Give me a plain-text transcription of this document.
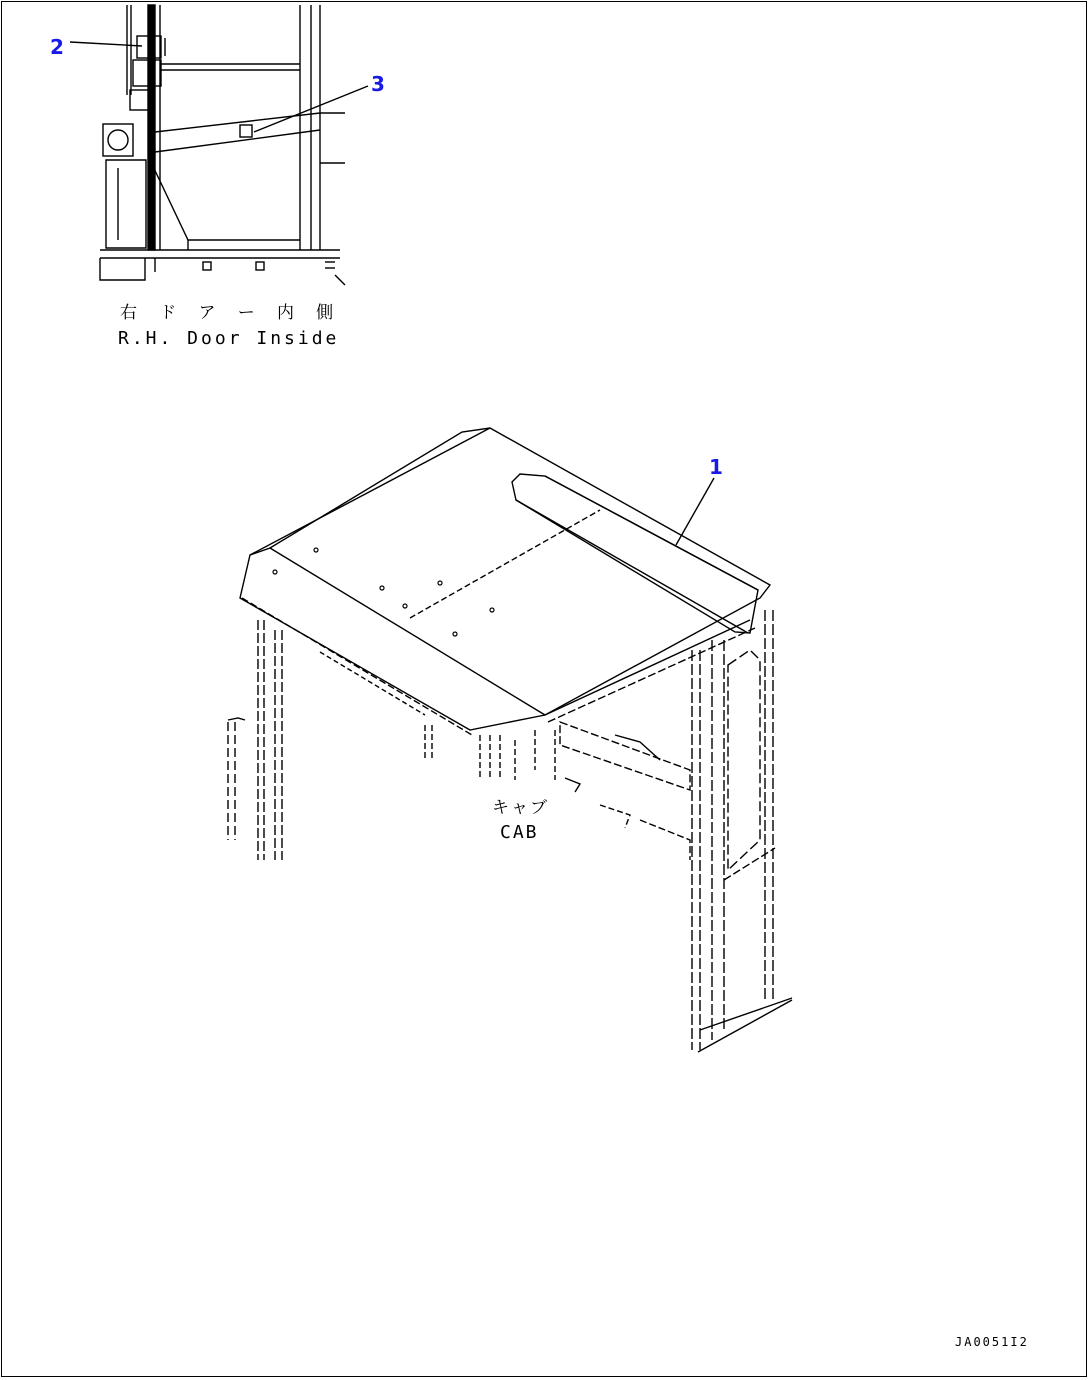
2
3
1
右 ド ア ー 内 側
R.H. Door Inside
キャブ
CAB
JA0051I2
